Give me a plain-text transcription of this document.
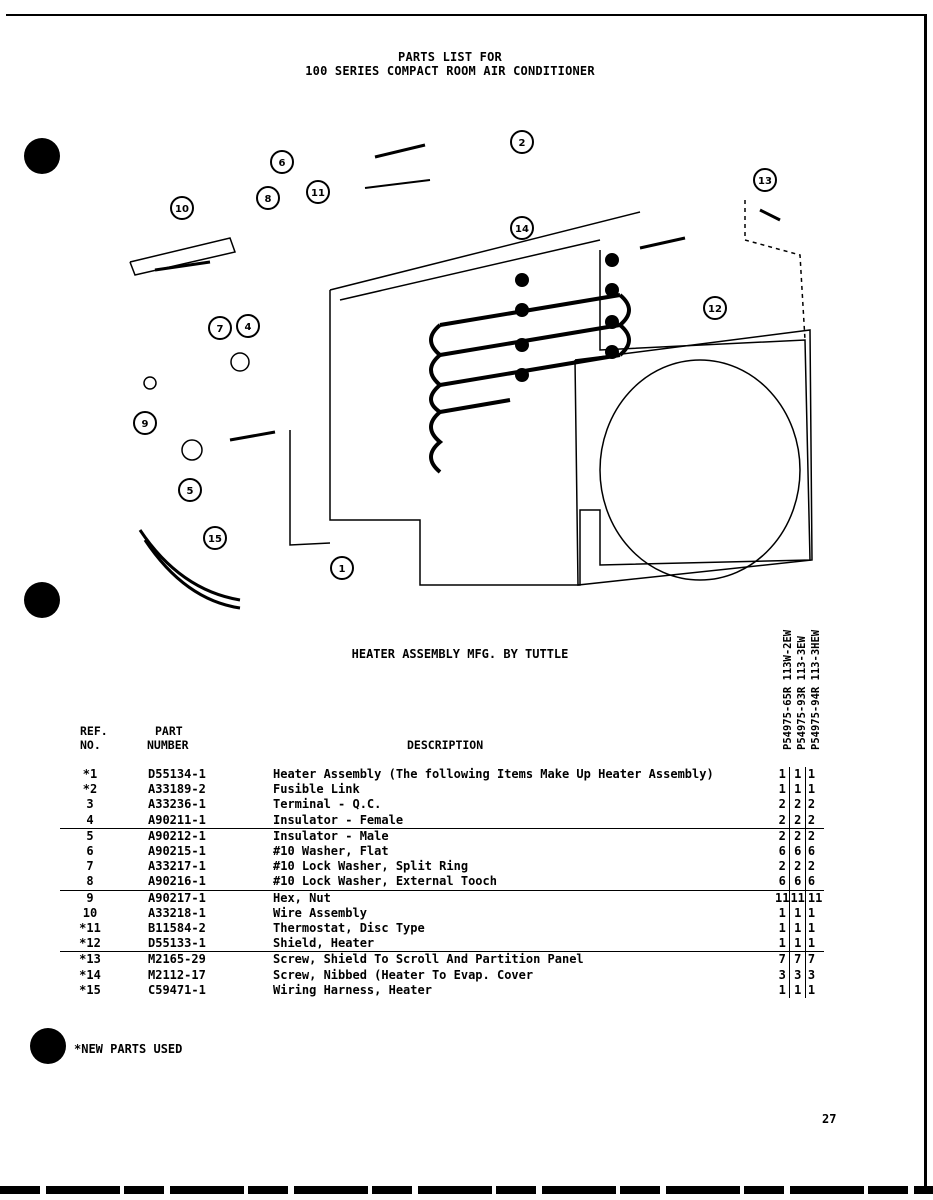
PARTS LIST FOR
100 SERIES COMPACT ROOM AIR CONDITIONER
10
12
13
11
14
15
1
2
4
5
7
9
6
8
HEATER ASSEMBLY MFG. BY TUTTLE	P54975-65R 113W-2EW P54975-93R 113-3EW P54975-94R 113-3HEW
REF.
NO.
PART
NUMBER	DESCRIPTION
*1	D55134-1	Heater Assembly (The following Items Make Up Heater Assembly)	1	1	1
*2	A33189-2	Fusible Link	1	1	1
3	A33236-1	Terminal - Q.C.	2	2	2
4	A90211-1	Insulator - Female	2	2	2
5	A90212-1	Insulator - Male	2	2	2
6	A90215-1	#10 Washer, Flat	6	6	6
7	A33217-1	#10 Lock Washer, Split Ring	2	2	2
8	A90216-1	#10 Lock Washer, External Tooch	6	6	6
9	A90217-1	Hex, Nut	11	11	11
10	A33218-1	Wire Assembly	1	1	1
*11	B11584-2	Thermostat, Disc Type	1	1	1
*12	D55133-1	Shield, Heater	1	1	1
*13	M2165-29	Screw, Shield To Scroll And Partition Panel	7	7	7
*14	M2112-17	Screw, Nibbed (Heater To Evap. Cover	3	3	3
*15	C59471-1	Wiring Harness, Heater	1	1	1
*NEW PARTS USED
27
